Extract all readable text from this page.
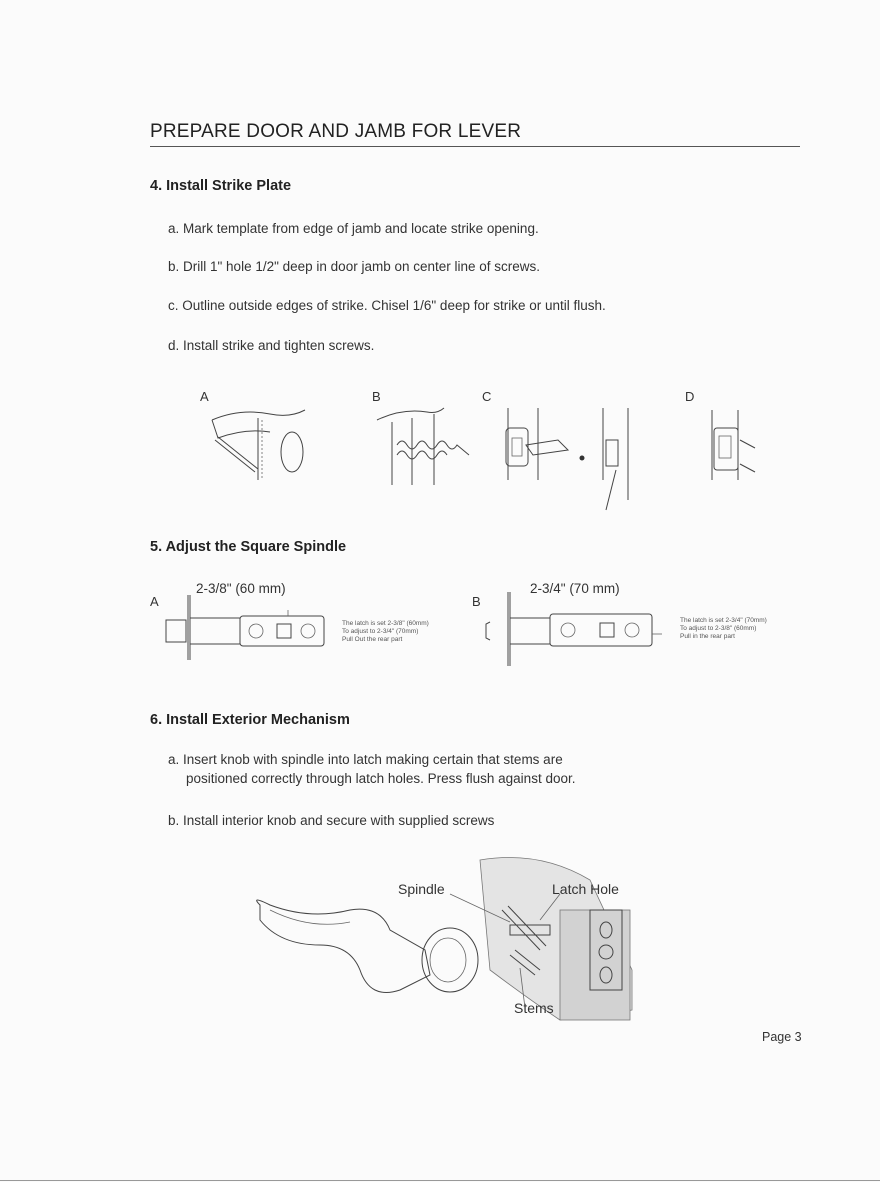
PREPARE DOOR AND JAMB FOR LEVER
4. Install Strike Plate
a. Mark template from edge of jamb and locate strike opening.
b. Drill 1" hole 1/2" deep in door jamb on center line of screws.
c. Outline outside edges of strike. Chisel 1/6" deep for strike or until flush.
d. Install strike and tighten screws.
A	B	C	D
5. Adjust the Square Spindle
A
2-3/8" (60 mm)
The latch is set 2-3/8" (60mm)
To adjust to 2-3/4" (70mm)
Pull Out the rear part
B
2-3/4" (70 mm)
The latch is set 2-3/4" (70mm)
To adjust to 2-3/8" (60mm)
Pull in the rear part
6. Install Exterior Mechanism
a. Insert knob with spindle into latch making certain that stems are
positioned correctly through latch holes. Press flush against door.
b. Install interior knob and secure with supplied screws
Spindle	Latch Hole
Stems
Page 3
